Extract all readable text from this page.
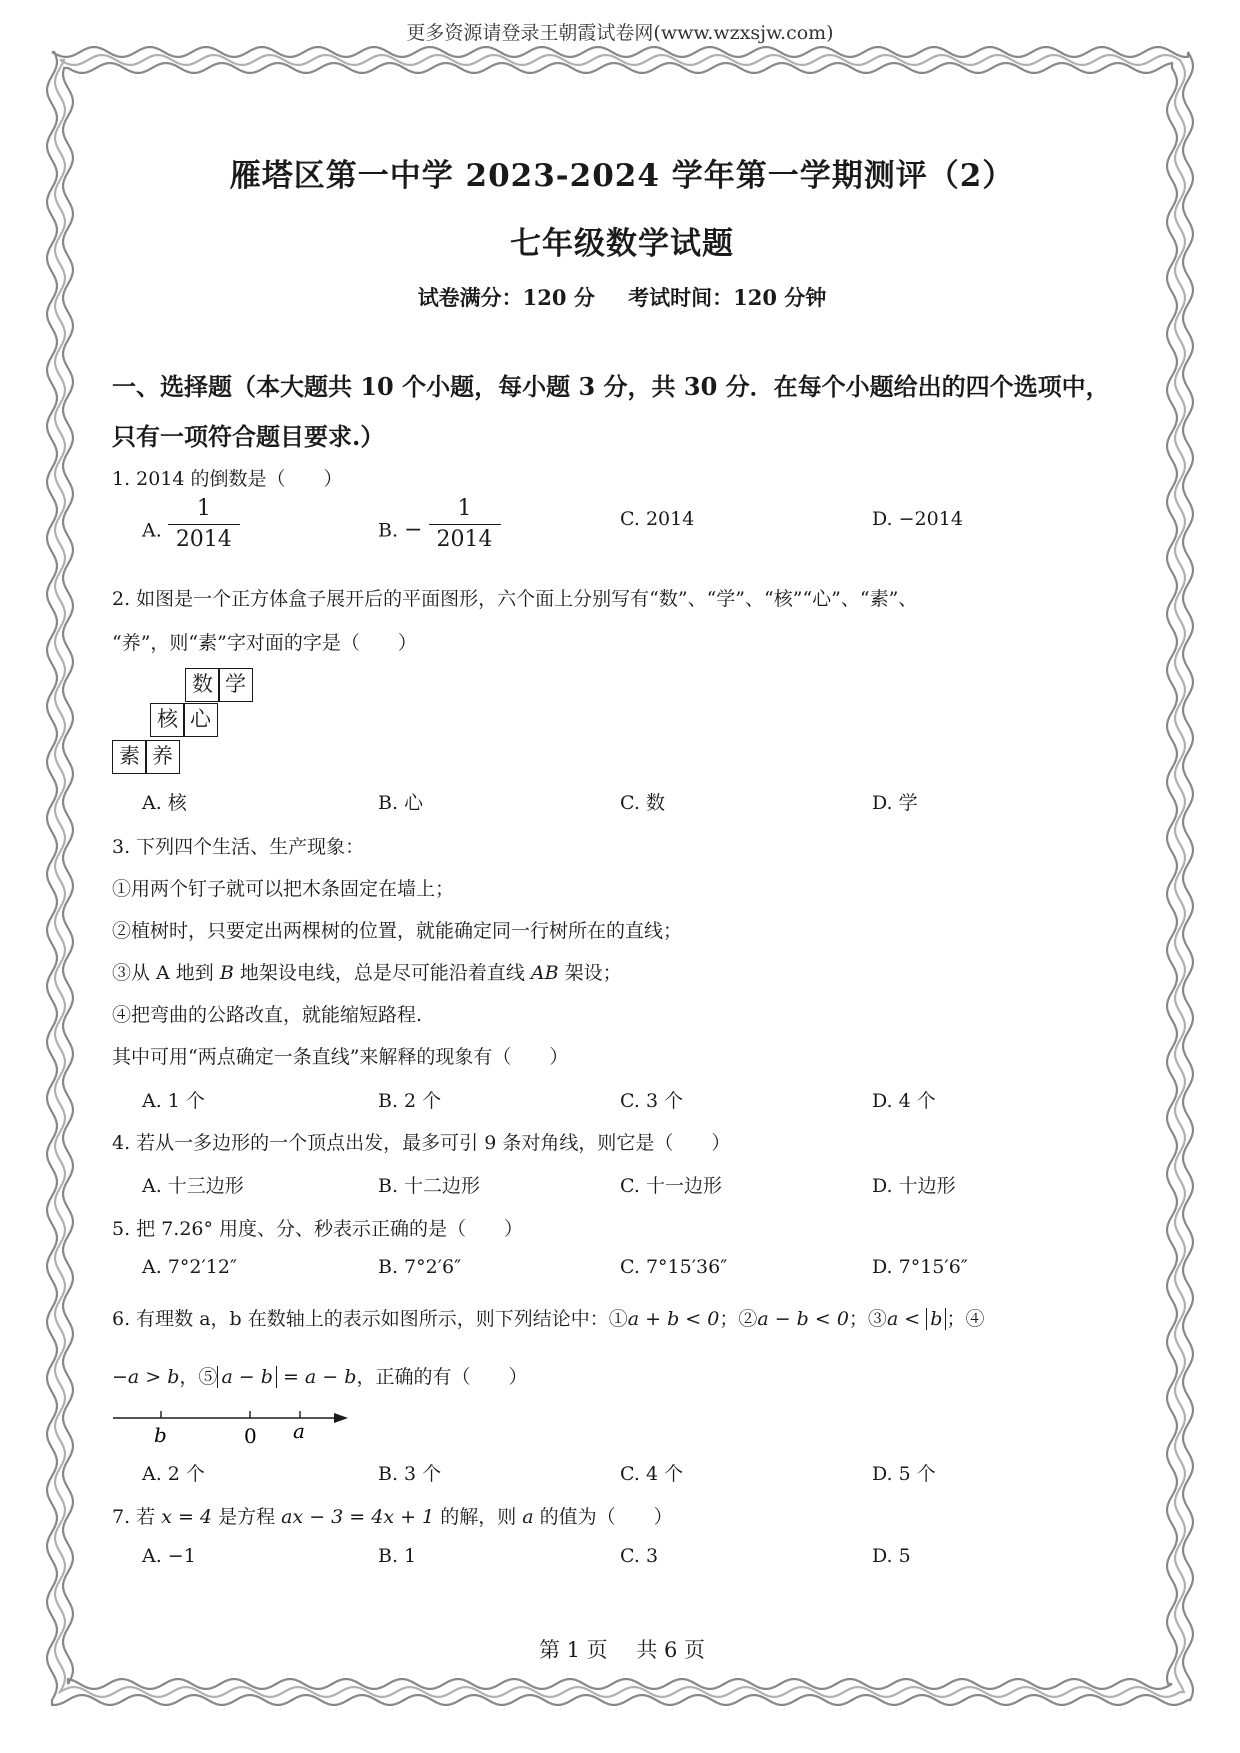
更多资源请登录王朝霞试卷网(www.wzxsjw.com)
雁塔区第一中学 2023-2024 学年第一学期测评（2）
七年级数学试题
试卷满分：120 分 考试时间：120 分钟
一、选择题（本大题共 10 个小题，每小题 3 分，共 30 分．在每个小题给出的四个选项中，
只有一项符合题目要求.）
1. 2014 的倒数是（　　）
A. $\frac{1}{2014}$	B. − $\frac{1}{2014}$	C. 2014	D. −2014
2. 如图是一个正方体盒子展开后的平面图形，六个面上分别写有“数”、“学”、“核”“心”、“素”、
“养”，则“素”字对面的字是（　　）
A. 核	B. 心	C. 数	D. 学
3. 下列四个生活、生产现象：
①用两个钉子就可以把木条固定在墙上；
②植树时，只要定出两棵树的位置，就能确定同一行树所在的直线；
③从 A 地到 B 地架设电线，总是尽可能沿着直线 AB 架设；
④把弯曲的公路改直，就能缩短路程.
其中可用“两点确定一条直线”来解释的现象有（　　）
A. 1 个	B. 2 个	C. 3 个	D. 4 个
4. 若从一多边形的一个顶点出发，最多可引 9 条对角线，则它是（　　）
A. 十三边形	B. 十二边形	C. 十一边形	D. 十边形
5. 把 7.26° 用度、分、秒表示正确的是（　　）
A. 7°2′12″	B. 7°2′6″	C. 7°15′36″	D. 7°15′6″
6. 有理数 a，b 在数轴上的表示如图所示，则下列结论中：①a + b < 0；②a − b < 0；③a < b ；④
−a > b，⑤ a − b = a − b，正确的有（　　）
b	0 a
A. 2 个	B. 3 个	C. 4 个	D. 5 个
7. 若 x = 4 是方程 ax − 3 = 4x + 1 的解，则 a 的值为（　　）
A. −1	B. 1	C. 3	D. 5
第 1 页 共 6 页
数 学
核 心
素 养
